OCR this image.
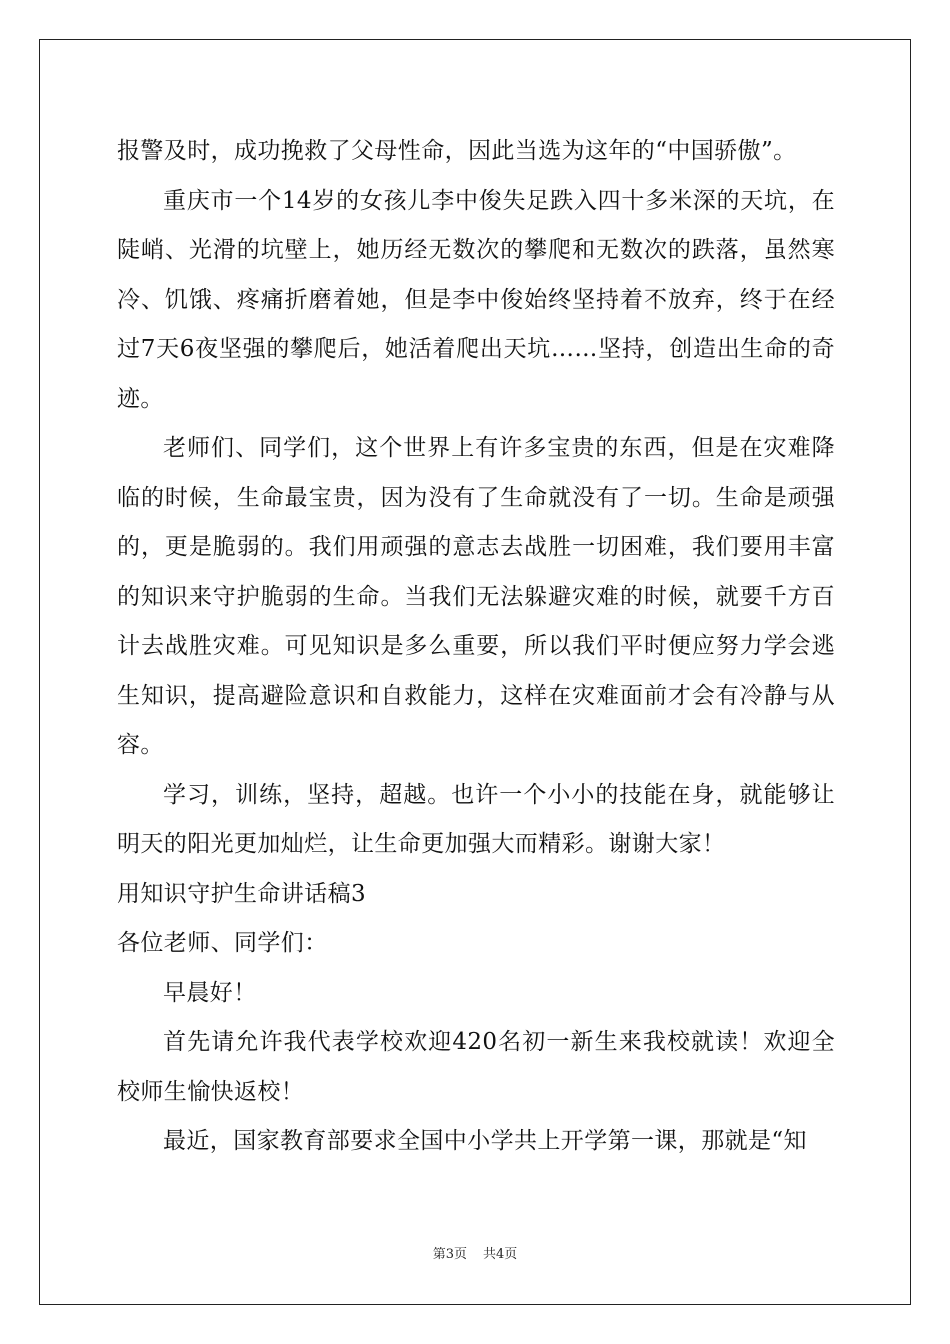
报警及时，成功挽救了父母性命，因此当选为这年的“中国骄傲”。

重庆市一个14岁的女孩儿李中俊失足跌入四十多米深的天坑，在陡峭、光滑的坑壁上，她历经无数次的攀爬和无数次的跌落，虽然寒冷、饥饿、疼痛折磨着她，但是李中俊始终坚持着不放弃，终于在经过7天6夜坚强的攀爬后，她活着爬出天坑……坚持，创造出生命的奇迹。

老师们、同学们，这个世界上有许多宝贵的东西，但是在灾难降临的时候，生命最宝贵，因为没有了生命就没有了一切。生命是顽强的，更是脆弱的。我们用顽强的意志去战胜一切困难，我们要用丰富的知识来守护脆弱的生命。当我们无法躲避灾难的时候，就要千方百计去战胜灾难。可见知识是多么重要，所以我们平时便应努力学会逃生知识，提高避险意识和自救能力，这样在灾难面前才会有冷静与从容。

学习，训练，坚持，超越。也许一个小小的技能在身，就能够让明天的阳光更加灿烂，让生命更加强大而精彩。谢谢大家！

用知识守护生命讲话稿3

各位老师、同学们：

早晨好！

首先请允许我代表学校欢迎420名初一新生来我校就读！欢迎全校师生愉快返校！

最近，国家教育部要求全国中小学共上开学第一课，那就是“知

第3页 共4页
